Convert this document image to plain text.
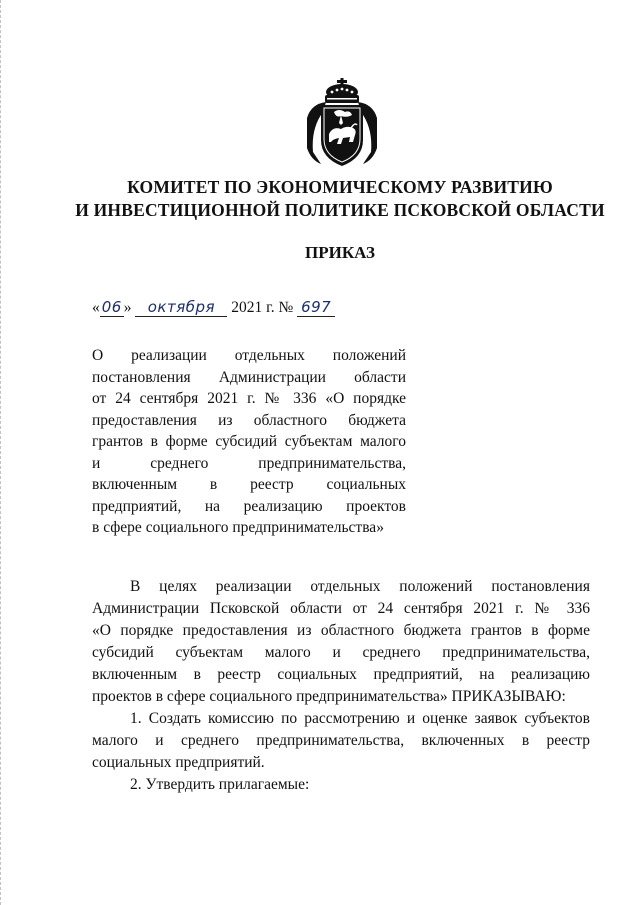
КОМИТЕТ ПО ЭКОНОМИЧЕСКОМУ РАЗВИТИЮ
И ИНВЕСТИЦИОННОЙ ПОЛИТИКЕ ПСКОВСКОЙ ОБЛАСТИ
ПРИКАЗ
« 06 » октября 2021 г. № 697
О реализации отдельных положений
постановления Администрации области
от 24 сентября 2021 г. № 336 «О порядке
предоставления из областного бюджета
грантов в форме субсидий субъектам малого
и среднего предпринимательства,
включенным в реестр социальных
предприятий, на реализацию проектов
в сфере социального предпринимательства»
В целях реализации отдельных положений постановления
Администрации Псковской области от 24 сентября 2021 г. № 336
«О порядке предоставления из областного бюджета грантов в форме
субсидий субъектам малого и среднего предпринимательства,
включенным в реестр социальных предприятий, на реализацию
проектов в сфере социального предпринимательства» ПРИКАЗЫВАЮ:
1. Создать комиссию по рассмотрению и оценке заявок субъектов
малого и среднего предпринимательства, включенных в реестр
социальных предприятий.
2. Утвердить прилагаемые:
